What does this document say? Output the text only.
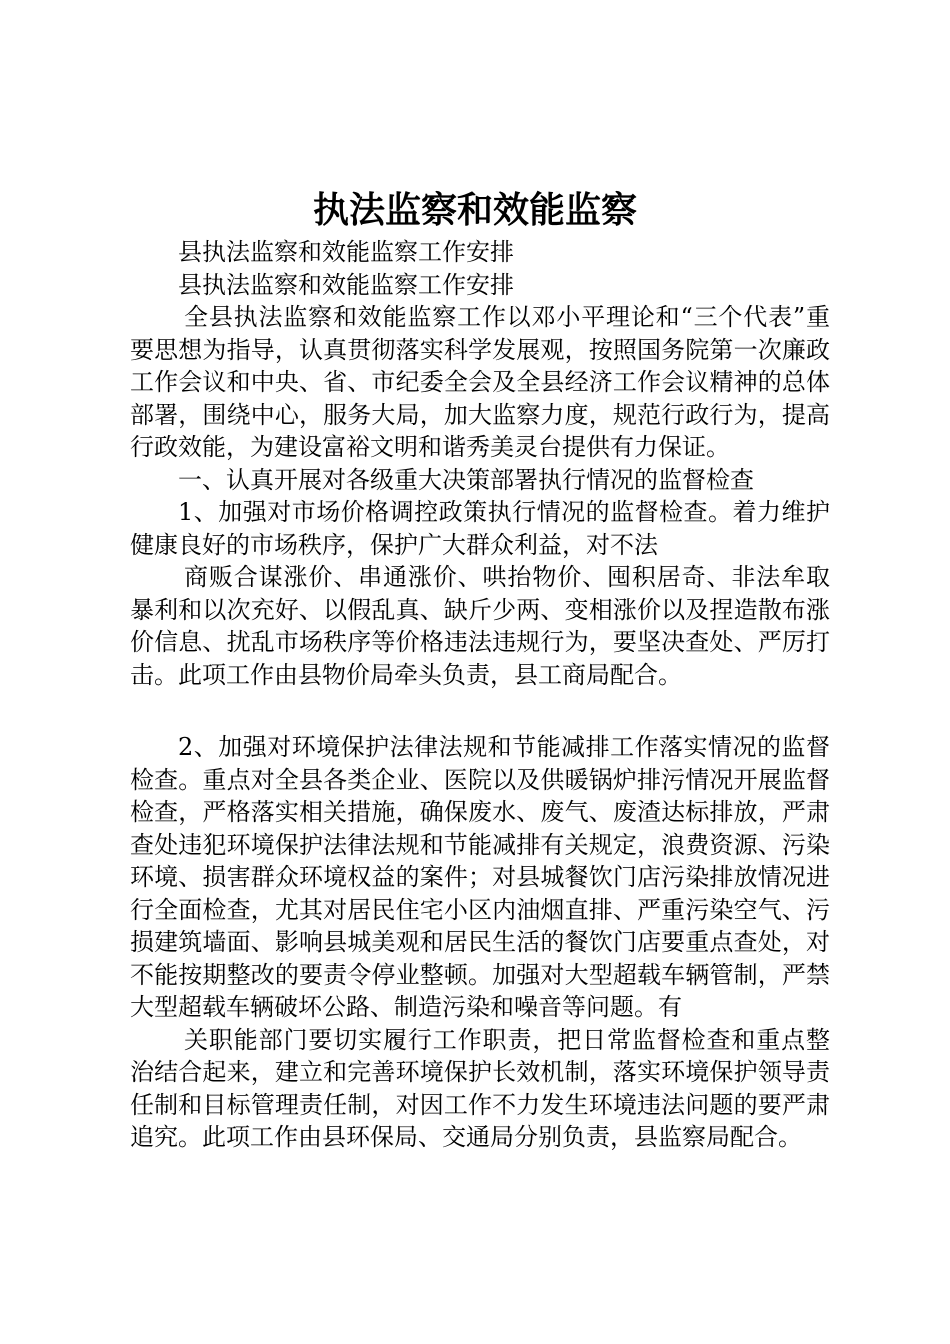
执法监察和效能监察

县执法监察和效能监察工作安排

县执法监察和效能监察工作安排

全县执法监察和效能监察工作以邓小平理论和“三个代表”重要思想为指导，认真贯彻落实科学发展观，按照国务院第一次廉政工作会议和中央、省、市纪委全会及全县经济工作会议精神的总体部署，围绕中心，服务大局，加大监察力度，规范行政行为，提高行政效能，为建设富裕文明和谐秀美灵台提供有力保证。

一、认真开展对各级重大决策部署执行情况的监督检查

1、加强对市场价格调控政策执行情况的监督检查。着力维护健康良好的市场秩序，保护广大群众利益，对不法

商贩合谋涨价、串通涨价、哄抬物价、囤积居奇、非法牟取暴利和以次充好、以假乱真、缺斤少两、变相涨价以及捏造散布涨价信息、扰乱市场秩序等价格违法违规行为，要坚决查处、严厉打击。此项工作由县物价局牵头负责，县工商局配合。

2、加强对环境保护法律法规和节能减排工作落实情况的监督检查。重点对全县各类企业、医院以及供暖锅炉排污情况开展监督检查，严格落实相关措施，确保废水、废气、废渣达标排放，严肃查处违犯环境保护法律法规和节能减排有关规定，浪费资源、污染环境、损害群众环境权益的案件；对县城餐饮门店污染排放情况进行全面检查，尤其对居民住宅小区内油烟直排、严重污染空气、污损建筑墙面、影响县城美观和居民生活的餐饮门店要重点查处，对不能按期整改的要责令停业整顿。加强对大型超载车辆管制，严禁大型超载车辆破坏公路、制造污染和噪音等问题。有

关职能部门要切实履行工作职责，把日常监督检查和重点整治结合起来，建立和完善环境保护长效机制，落实环境保护领导责任制和目标管理责任制，对因工作不力发生环境违法问题的要严肃追究。此项工作由县环保局、交通局分别负责，县监察局配合。
